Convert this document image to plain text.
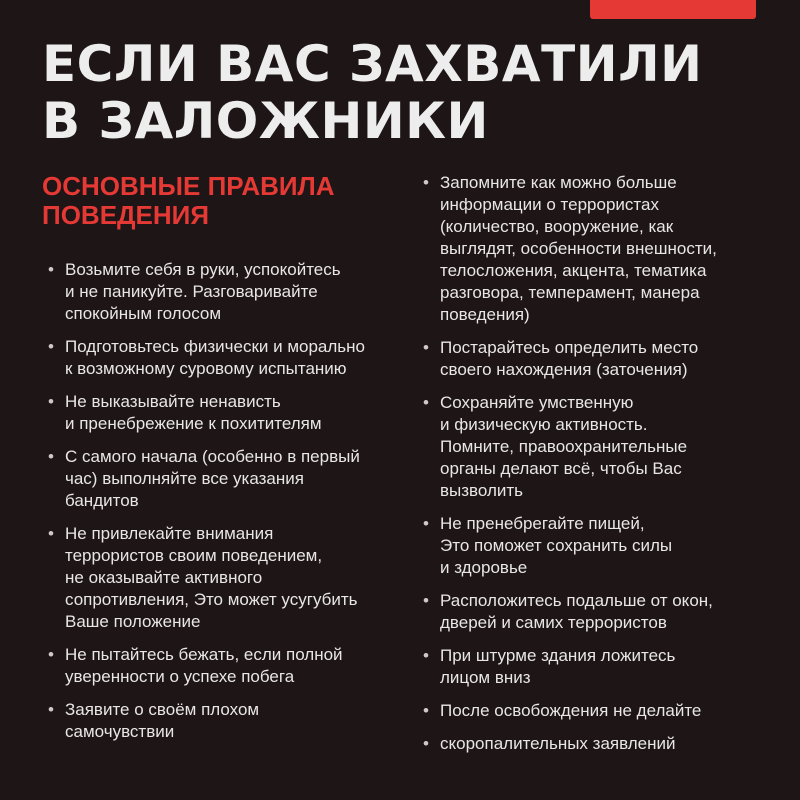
ЕСЛИ ВАС ЗАХВАТИЛИ
В ЗАЛОЖНИКИ
ОСНОВНЫЕ ПРАВИЛА
ПОВЕДЕНИЯ
• Возьмите себя в руки, успокойтесь
и не паникуйте. Разговаривайте
спокойным голосом
• Подготовьтесь физически и морально
к возможному суровому испытанию
• Не выказывайте ненависть
и пренебрежение к похитителям
• С самого начала (особенно в первый
час) выполняйте все указания
бандитов
• Не привлекайте внимания
террористов своим поведением,
не оказывайте активного
сопротивления, Это может усугубить
Ваше положение
• Не пытайтесь бежать, если полной
уверенности о успехе побега
• Заявите о своём плохом
самочувствии
• Запомните как можно больше
информации о террористах
(количество, вооружение, как
выглядят, особенности внешности,
телосложения, акцента, тематика
разговора, темперамент, манера
поведения)
• Постарайтесь определить место
своего нахождения (заточения)
• Сохраняйте умственную
и физическую активность.
Помните, правоохранительные
органы делают всё, чтобы Вас
вызволить
• Не пренебрегайте пищей,
Это поможет сохранить силы
и здоровье
• Расположитесь подальше от окон,
дверей и самих террористов
• При штурме здания ложитесь
лицом вниз
• После освобождения не делайте
• скоропалительных заявлений
